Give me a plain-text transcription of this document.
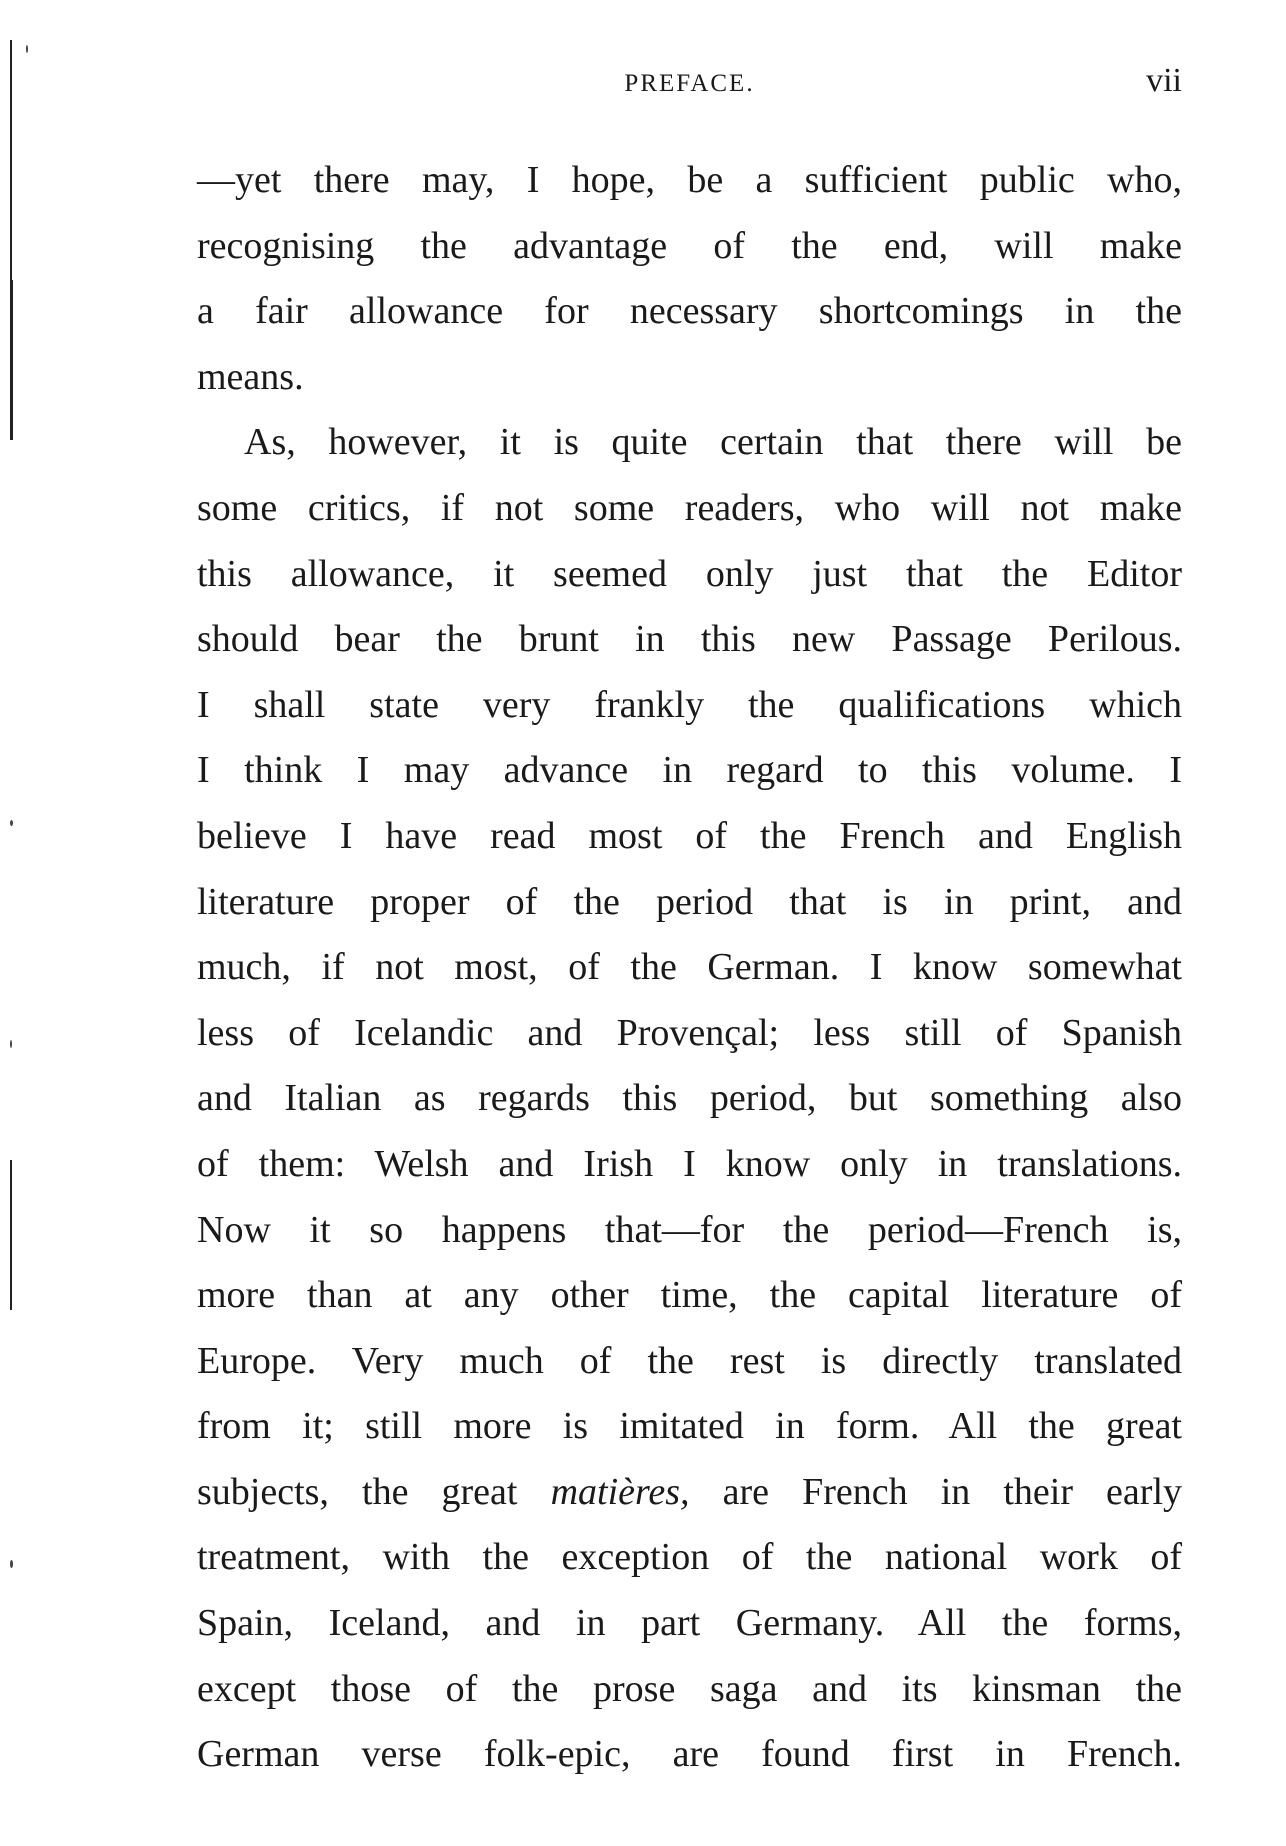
PREFACE.	vii
—yet there may, I hope, be a sufficient public who,
recognising the advantage of the end, will make
a fair allowance for necessary shortcomings in the
means.
As, however, it is quite certain that there will be
some critics, if not some readers, who will not make
this allowance, it seemed only just that the Editor
should bear the brunt in this new Passage Perilous.
I shall state very frankly the qualifications which
I think I may advance in regard to this volume. I
believe I have read most of the French and English
literature proper of the period that is in print, and
much, if not most, of the German. I know somewhat
less of Icelandic and Provençal; less still of Spanish
and Italian as regards this period, but something also
of them: Welsh and Irish I know only in translations.
Now it so happens that—for the period—French is,
more than at any other time, the capital literature of
Europe. Very much of the rest is directly translated
from it; still more is imitated in form. All the great
subjects, the great matières, are French in their early
treatment, with the exception of the national work of
Spain, Iceland, and in part Germany. All the forms,
except those of the prose saga and its kinsman the
German verse folk-epic, are found first in French.
